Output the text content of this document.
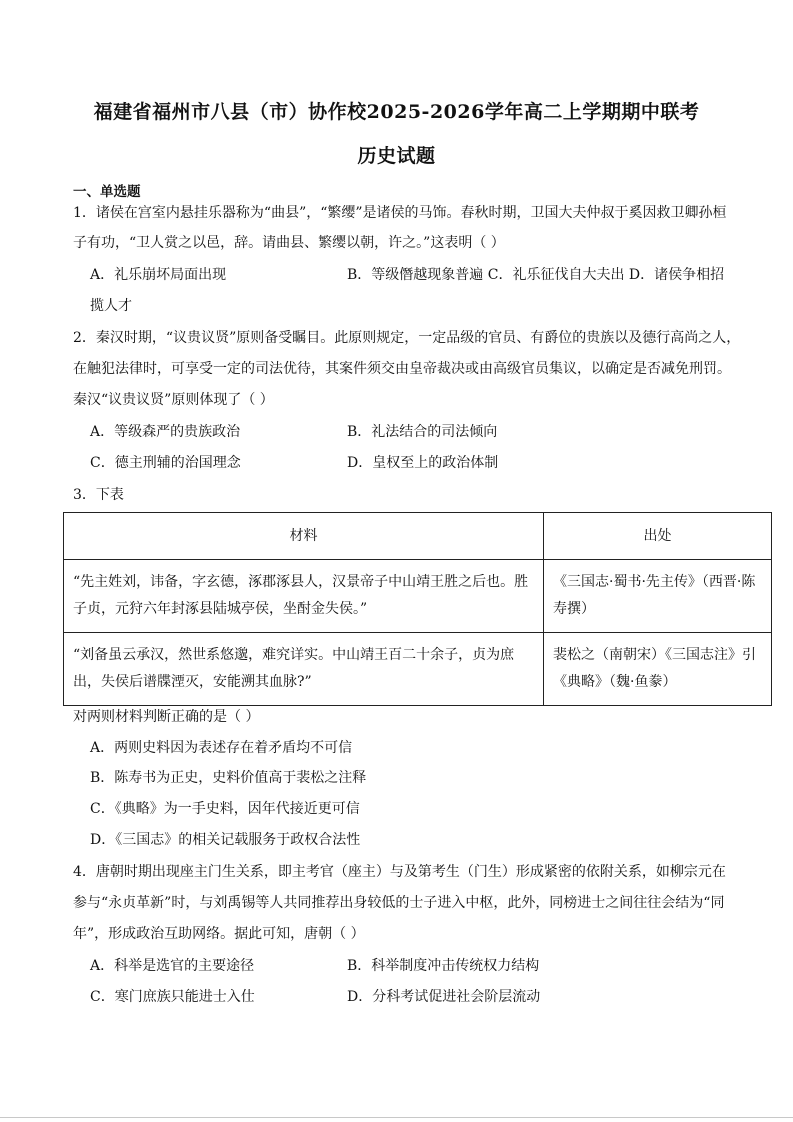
福建省福州市八县（市）协作校2025-2026学年高二上学期期中联考
历史试题
一、单选题
1．诸侯在宫室内悬挂乐器称为“曲县”，“繁缨”是诸侯的马饰。春秋时期，卫国大夫仲叔于奚因救卫卿孙桓
子有功，“卫人赏之以邑，辞。请曲县、繁缨以朝，许之。”这表明（ ）
A．礼乐崩坏局面出现	B．等级僭越现象普遍 C．礼乐征伐自大夫出 D．诸侯争相招
揽人才
2．秦汉时期，“议贵议贤”原则备受瞩目。此原则规定，一定品级的官员、有爵位的贵族以及德行高尚之人，
在触犯法律时，可享受一定的司法优待，其案件须交由皇帝裁决或由高级官员集议，以确定是否减免刑罚。
秦汉“议贵议贤”原则体现了（ ）
A．等级森严的贵族政治	B．礼法结合的司法倾向
C．德主刑辅的治国理念	D．皇权至上的政治体制
3．下表
材料	出处
“先主姓刘，讳备，字玄德，涿郡涿县人，汉景帝子中山靖王胜之后也。胜子贞，元狩六年封涿县陆城亭侯，坐酎金失侯。”	《三国志·蜀书·先主传》（西晋·陈寿撰）
“刘备虽云承汉，然世系悠邈，难究详实。中山靖王百二十余子，贞为庶出，失侯后谱牒湮灭，安能溯其血脉?”	裴松之（南朝宋）《三国志注》引《典略》（魏·鱼豢）
对两则材料判断正确的是（ ）
A．两则史料因为表述存在着矛盾均不可信
B．陈寿书为正史，史料价值高于裴松之注释
C．《典略》为一手史料，因年代接近更可信
D．《三国志》的相关记载服务于政权合法性
4．唐朝时期出现座主门生关系，即主考官（座主）与及第考生（门生）形成紧密的依附关系，如柳宗元在
参与“永贞革新”时，与刘禹锡等人共同推荐出身较低的士子进入中枢，此外，同榜进士之间往往会结为“同
年”，形成政治互助网络。据此可知，唐朝（ ）
A．科举是选官的主要途径	B．科举制度冲击传统权力结构
C．寒门庶族只能进士入仕	D．分科考试促进社会阶层流动
